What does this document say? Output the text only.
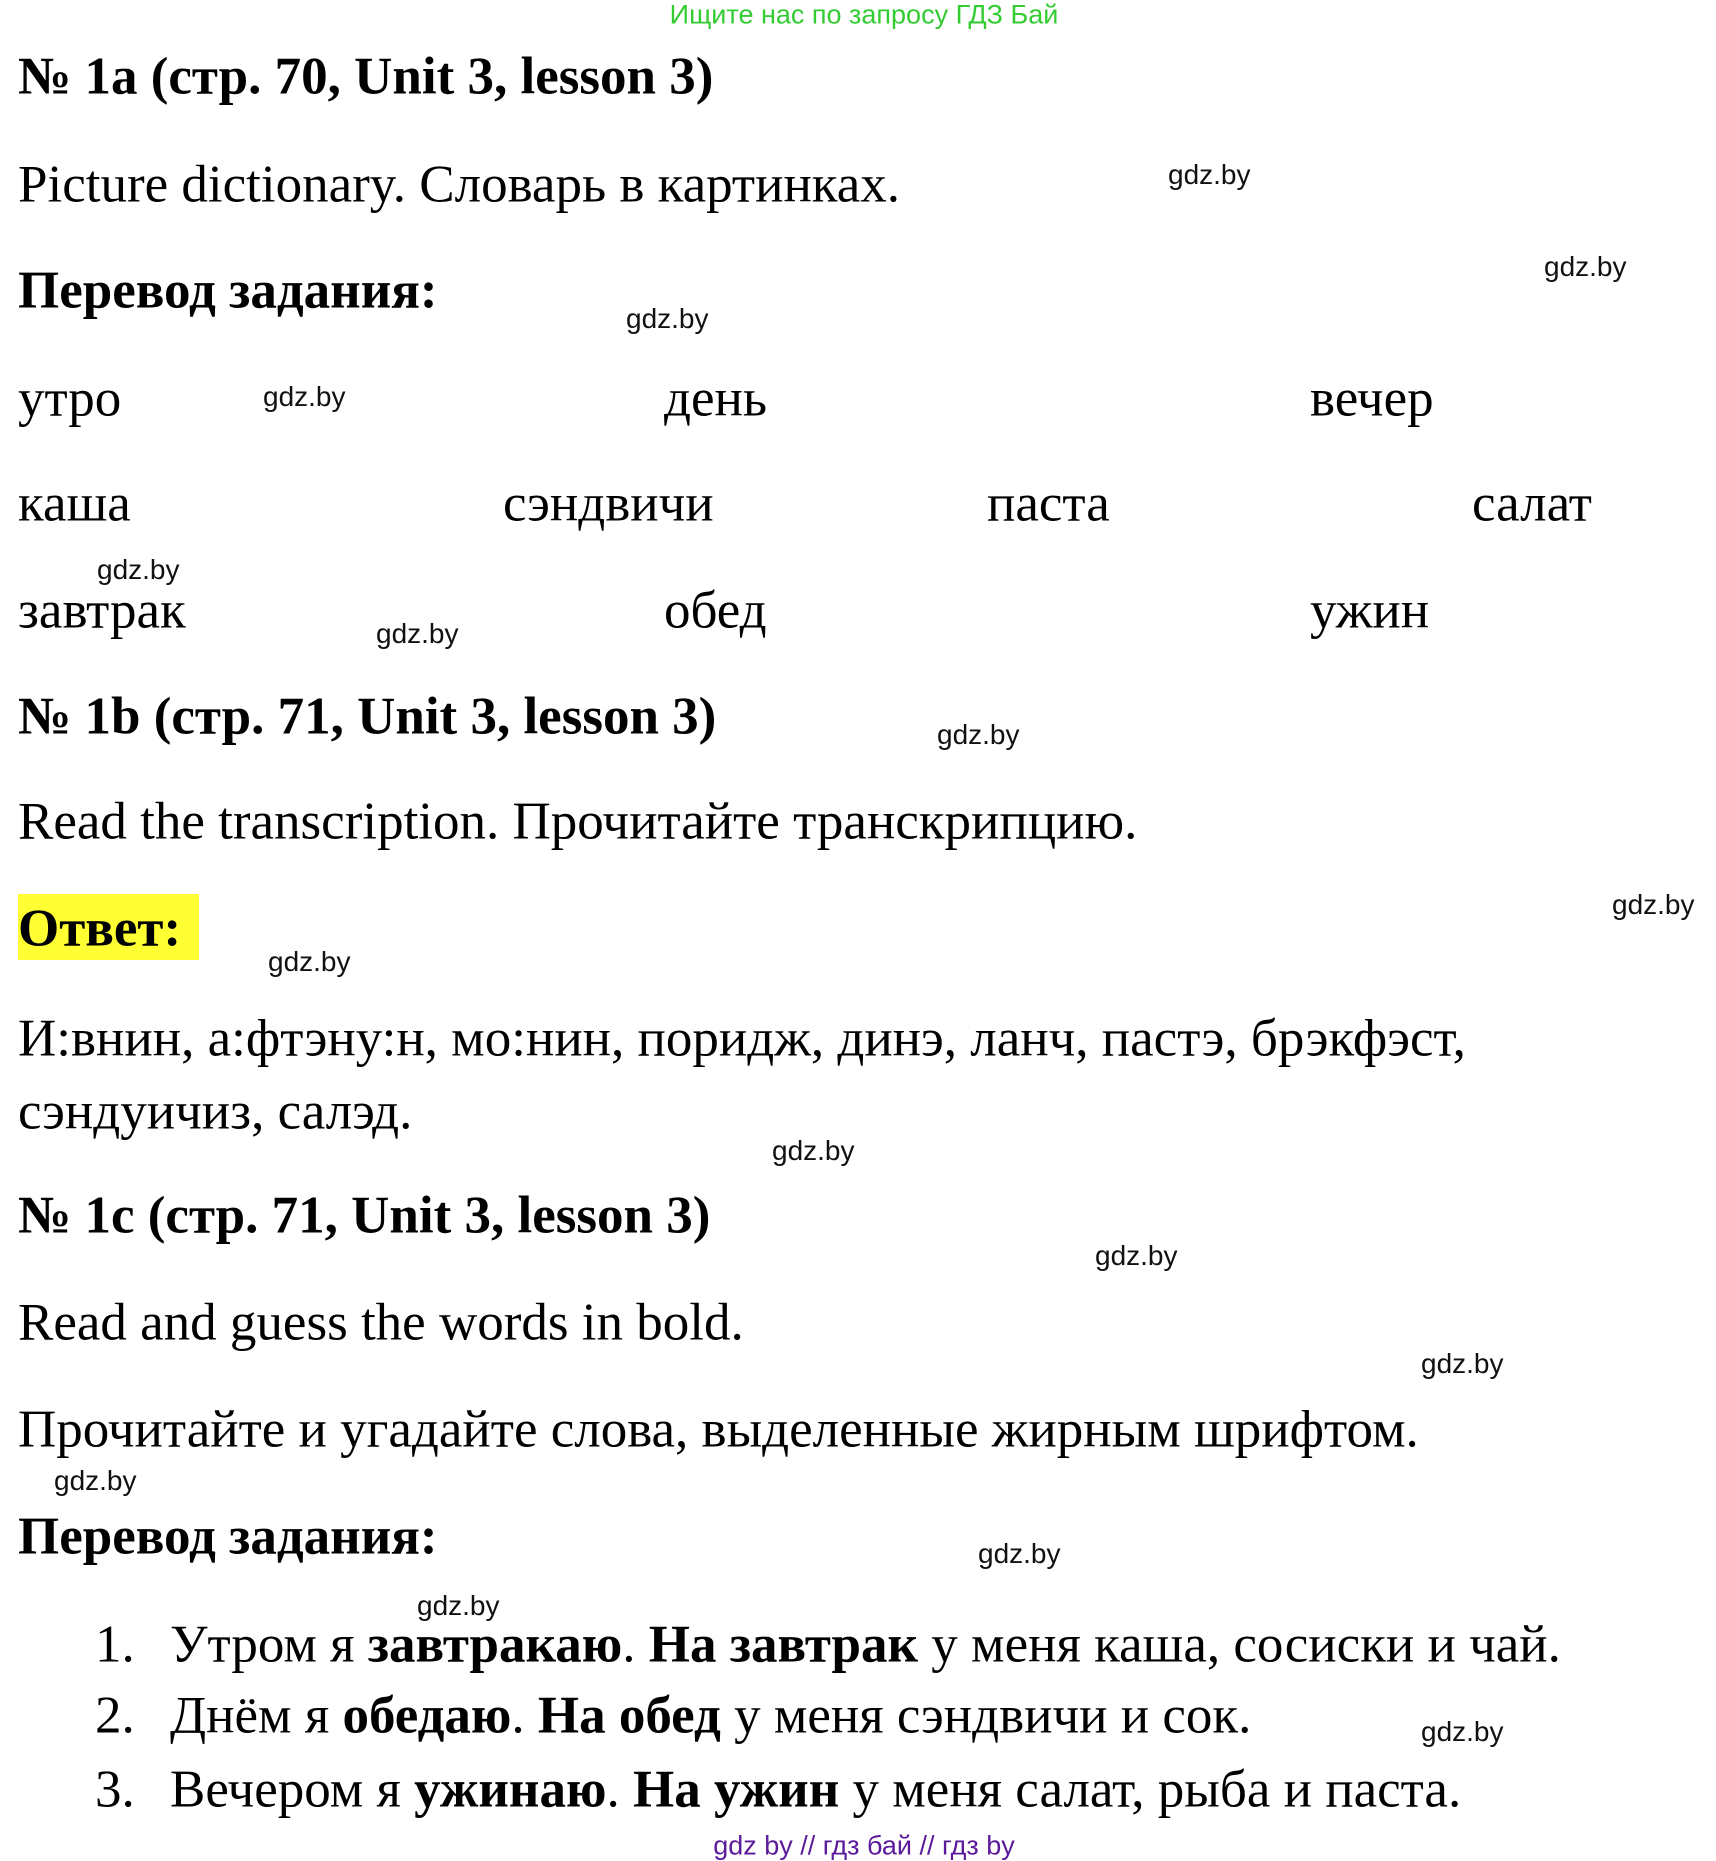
Ищите нас по запросу ГДЗ Бай
№ 1a (стр. 70, Unit 3, lesson 3)
Picture dictionary. Словарь в картинках.
Перевод задания:
утро	день	вечер
каша	сэндвичи	паста	салат
завтрак	обед	ужин
№ 1b (стр. 71, Unit 3, lesson 3)
Read the transcription. Прочитайте транскрипцию.
Ответ:
И:внин, а:фтэну:н, мо:нин, поридж, динэ, ланч, пастэ, брэкфэст,
сэндуичиз, салэд.
№ 1c (стр. 71, Unit 3, lesson 3)
Read and guess the words in bold.
Прочитайте и угадайте слова, выделенные жирным шрифтом.
Перевод задания:
1. Утром я завтракаю. На завтрак у меня каша, сосиски и чай.
2. Днём я обедаю. На обед у меня сэндвичи и сок.
3. Вечером я ужинаю. На ужин у меня салат, рыба и паста.
gdz.by
gdz.by
gdz.by
gdz.by
gdz.by
gdz.by
gdz.by
gdz.by
gdz.by
gdz.by
gdz.by
gdz.by
gdz.by
gdz.by
gdz.by
gdz.by
gdz by // гдз бай // гдз by
